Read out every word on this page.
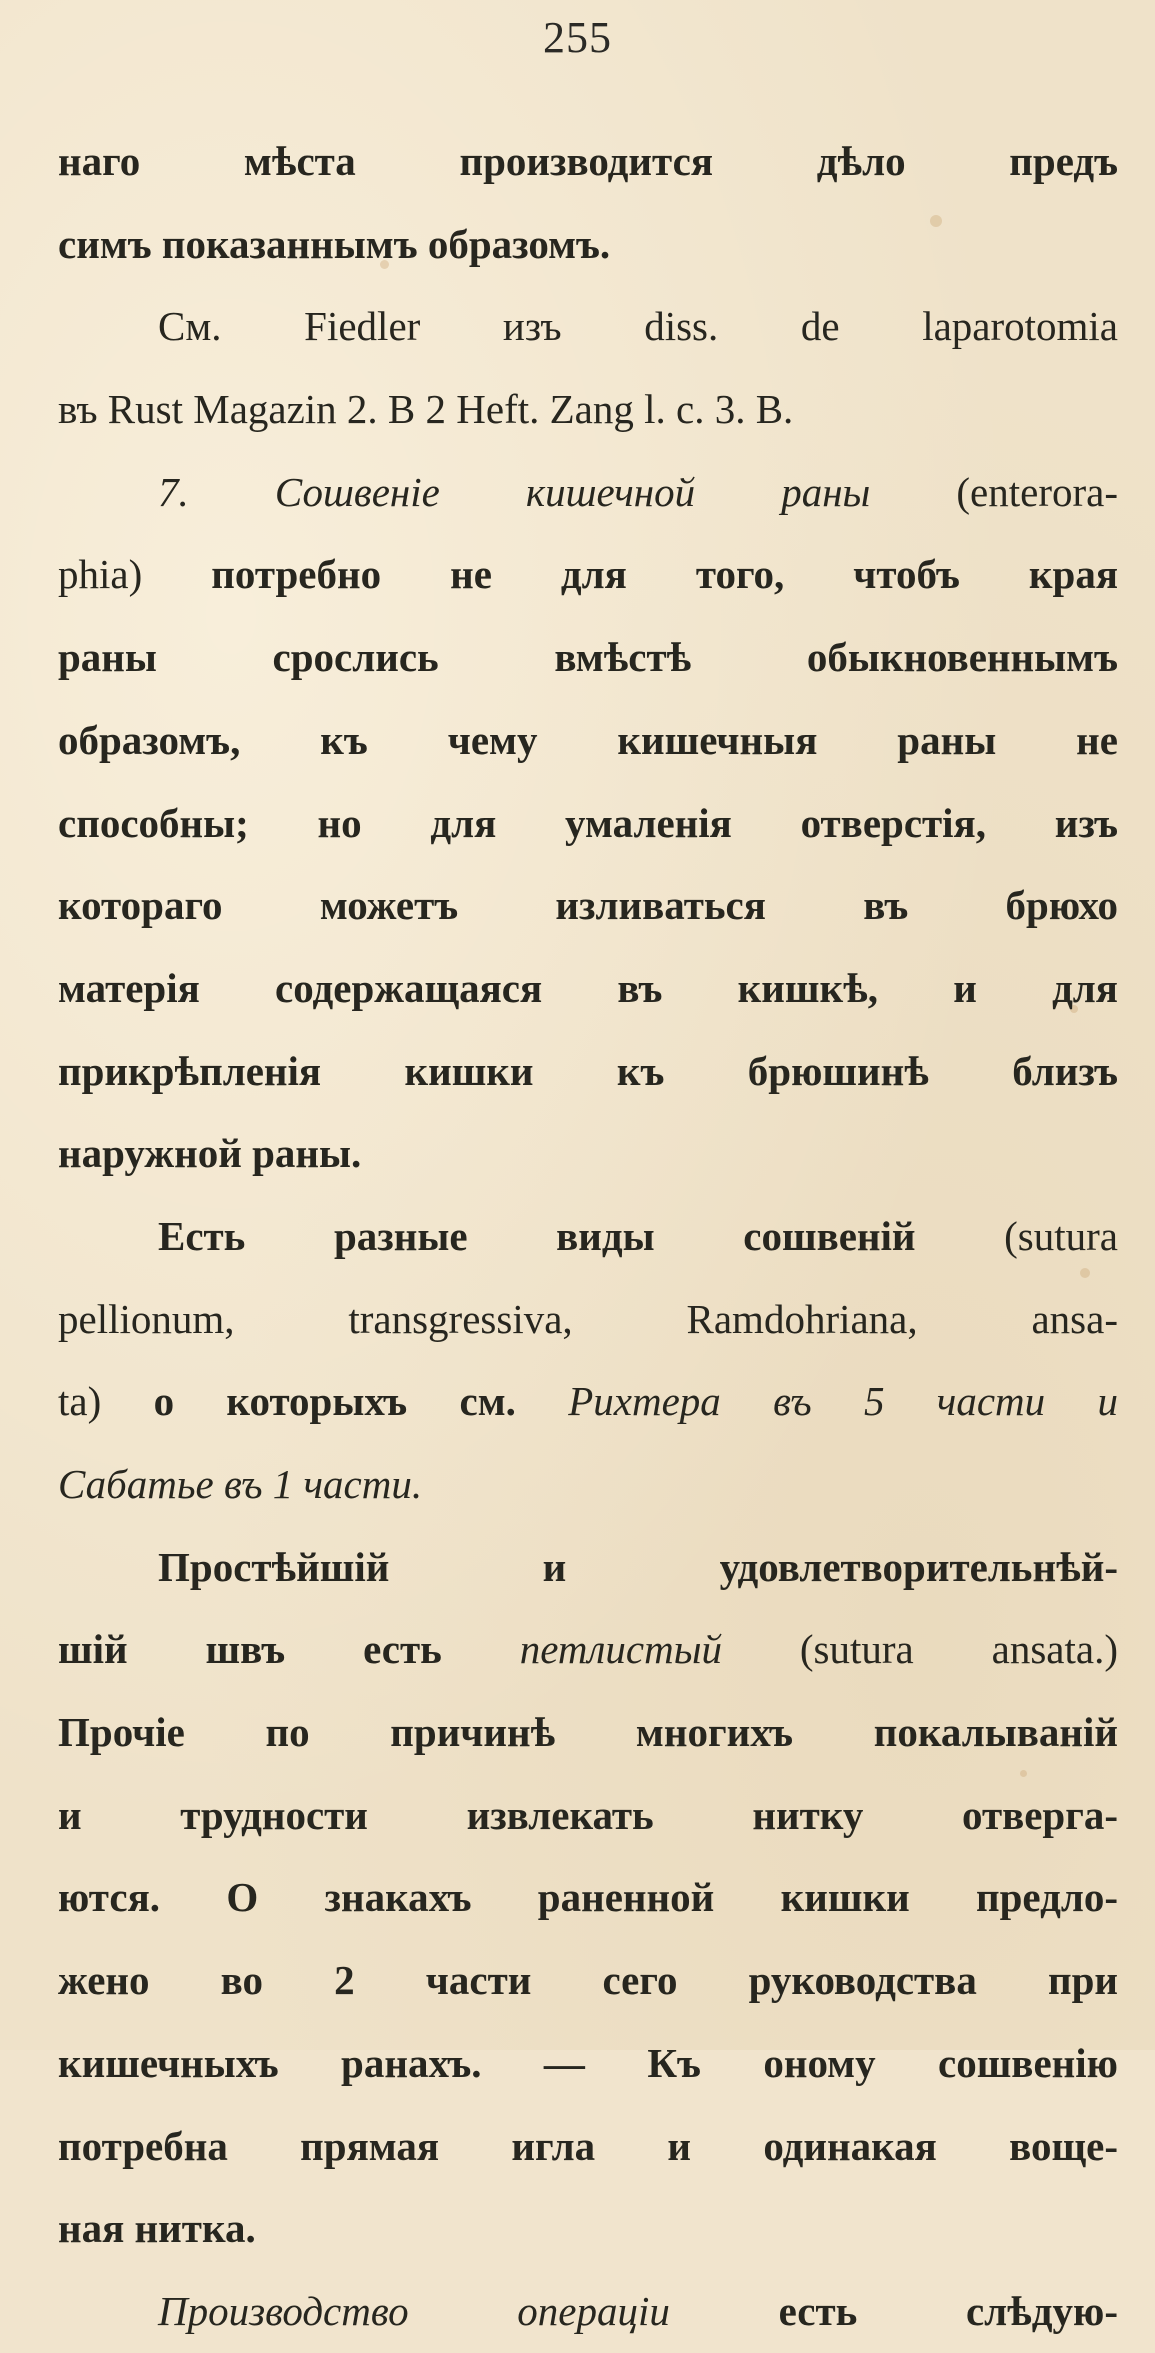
255
наго мѣста производится дѣло предъ
симъ показаннымъ образомъ.
См. Fiedler изъ diss. de laparotomia
въ Rust Magazin 2. B 2 Heft. Zang l. c. 3. B.
7. Сошвеніе кишечной раны (enterora-
phia) потребно не для того, чтобъ края
раны срослись вмѣстѣ обыкновеннымъ
образомъ, къ чему кишечныя раны не
способны; но для умаленія отверстія, изъ
котораго можетъ изливаться въ брюхо
матерія содержащаяся въ кишкѣ, и для
прикрѣпленія кишки къ брюшинѣ близъ
наружной раны.
Есть разные виды сошвеній (sutura
pellionum, transgressiva, Ramdohriana, ansa-
ta) о которыхъ см. Рихтера въ 5 части и
Сабатье въ 1 части.
Простѣйшій и удовлетворительнѣй-
шій швъ есть петлистый (sutura ansata.)
Прочіе по причинѣ многихъ покалываній
и трудности извлекать нитку отверга-
ются. О знакахъ раненной кишки предло-
жено во 2 части сего руководства при
кишечныхъ ранахъ. — Къ оному сошвенію
потребна прямая игла и одинакая воще-
ная нитка.
Производство операціи есть слѣдую-
